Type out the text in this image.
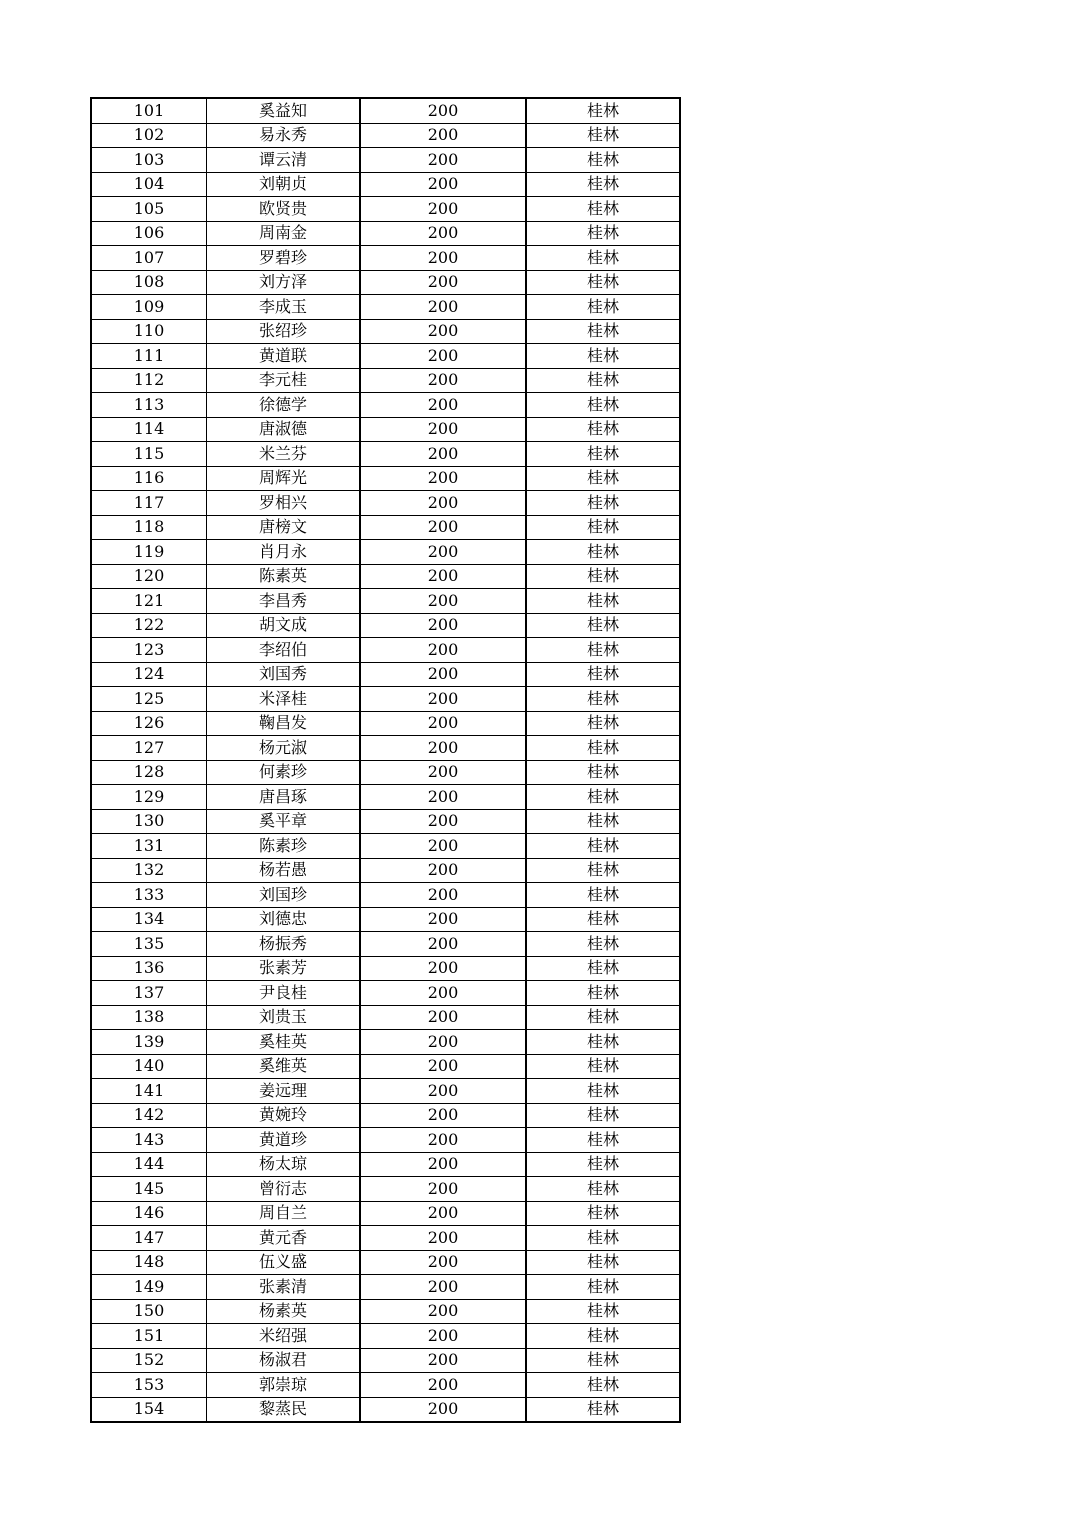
101	奚益知	200	桂林
102	易永秀	200	桂林
103	谭云清	200	桂林
104	刘朝贞	200	桂林
105	欧贤贵	200	桂林
106	周南金	200	桂林
107	罗碧珍	200	桂林
108	刘方泽	200	桂林
109	李成玉	200	桂林
110	张绍珍	200	桂林
111	黄道联	200	桂林
112	李元桂	200	桂林
113	徐德学	200	桂林
114	唐淑德	200	桂林
115	米兰芬	200	桂林
116	周辉光	200	桂林
117	罗相兴	200	桂林
118	唐榜文	200	桂林
119	肖月永	200	桂林
120	陈素英	200	桂林
121	李昌秀	200	桂林
122	胡文成	200	桂林
123	李绍伯	200	桂林
124	刘国秀	200	桂林
125	米泽桂	200	桂林
126	鞠昌发	200	桂林
127	杨元淑	200	桂林
128	何素珍	200	桂林
129	唐昌琢	200	桂林
130	奚平章	200	桂林
131	陈素珍	200	桂林
132	杨若愚	200	桂林
133	刘国珍	200	桂林
134	刘德忠	200	桂林
135	杨振秀	200	桂林
136	张素芳	200	桂林
137	尹良桂	200	桂林
138	刘贵玉	200	桂林
139	奚桂英	200	桂林
140	奚维英	200	桂林
141	姜远理	200	桂林
142	黄婉玲	200	桂林
143	黄道珍	200	桂林
144	杨太琼	200	桂林
145	曾衍志	200	桂林
146	周自兰	200	桂林
147	黄元香	200	桂林
148	伍义盛	200	桂林
149	张素清	200	桂林
150	杨素英	200	桂林
151	米绍强	200	桂林
152	杨淑君	200	桂林
153	郭崇琼	200	桂林
154	黎蒸民	200	桂林
